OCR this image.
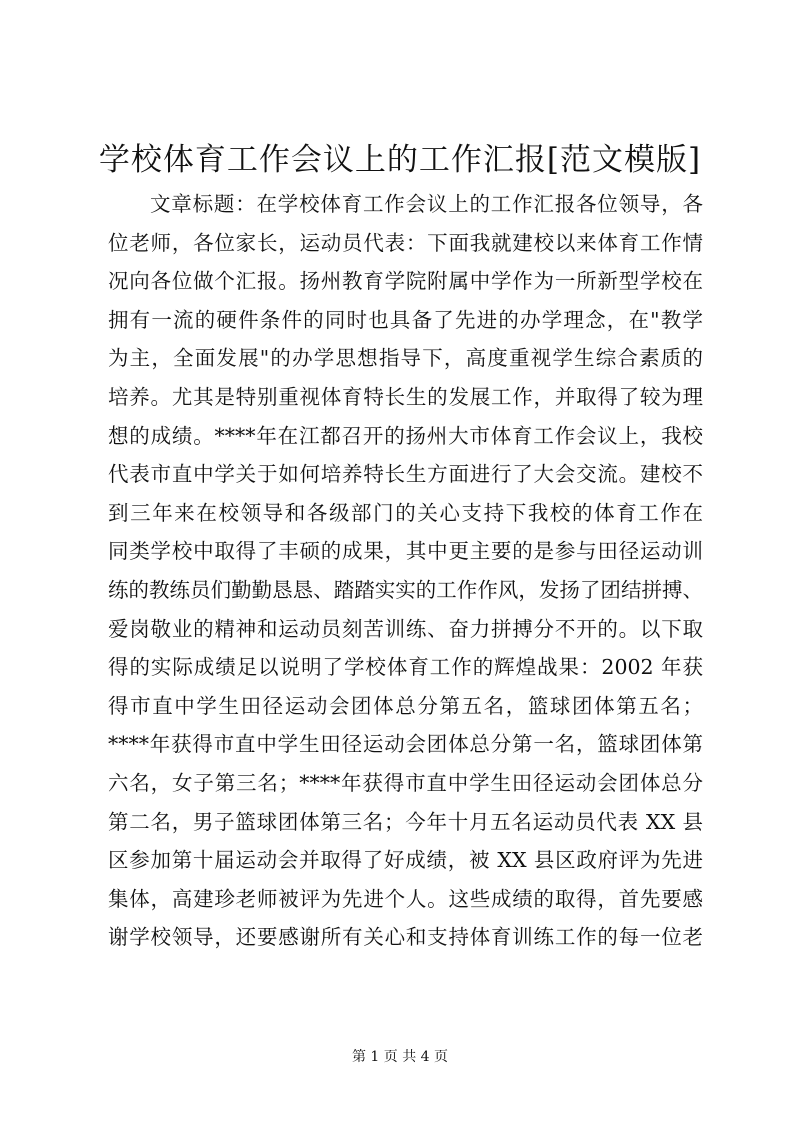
学校体育工作会议上的工作汇报[范文模版]
文章标题：在学校体育工作会议上的工作汇报各位领导，各
位老师，各位家长，运动员代表：下面我就建校以来体育工作情
况向各位做个汇报。扬州教育学院附属中学作为一所新型学校在
拥有一流的硬件条件的同时也具备了先进的办学理念，在"教学
为主，全面发展"的办学思想指导下，高度重视学生综合素质的
培养。尤其是特别重视体育特长生的发展工作，并取得了较为理
想的成绩。****年在江都召开的扬州大市体育工作会议上，我校
代表市直中学关于如何培养特长生方面进行了大会交流。建校不
到三年来在校领导和各级部门的关心支持下我校的体育工作在
同类学校中取得了丰硕的成果，其中更主要的是参与田径运动训
练的教练员们勤勤恳恳、踏踏实实的工作作风，发扬了团结拼搏、
爱岗敬业的精神和运动员刻苦训练、奋力拼搏分不开的。以下取
得的实际成绩足以说明了学校体育工作的辉煌战果：2002 年获
得市直中学生田径运动会团体总分第五名，篮球团体第五名；
****年获得市直中学生田径运动会团体总分第一名，篮球团体第
六名，女子第三名；****年获得市直中学生田径运动会团体总分
第二名，男子篮球团体第三名；今年十月五名运动员代表 XX 县
区参加第十届运动会并取得了好成绩，被 XX 县区政府评为先进
集体，高建珍老师被评为先进个人。这些成绩的取得，首先要感
谢学校领导，还要感谢所有关心和支持体育训练工作的每一位老
第 1 页 共 4 页
